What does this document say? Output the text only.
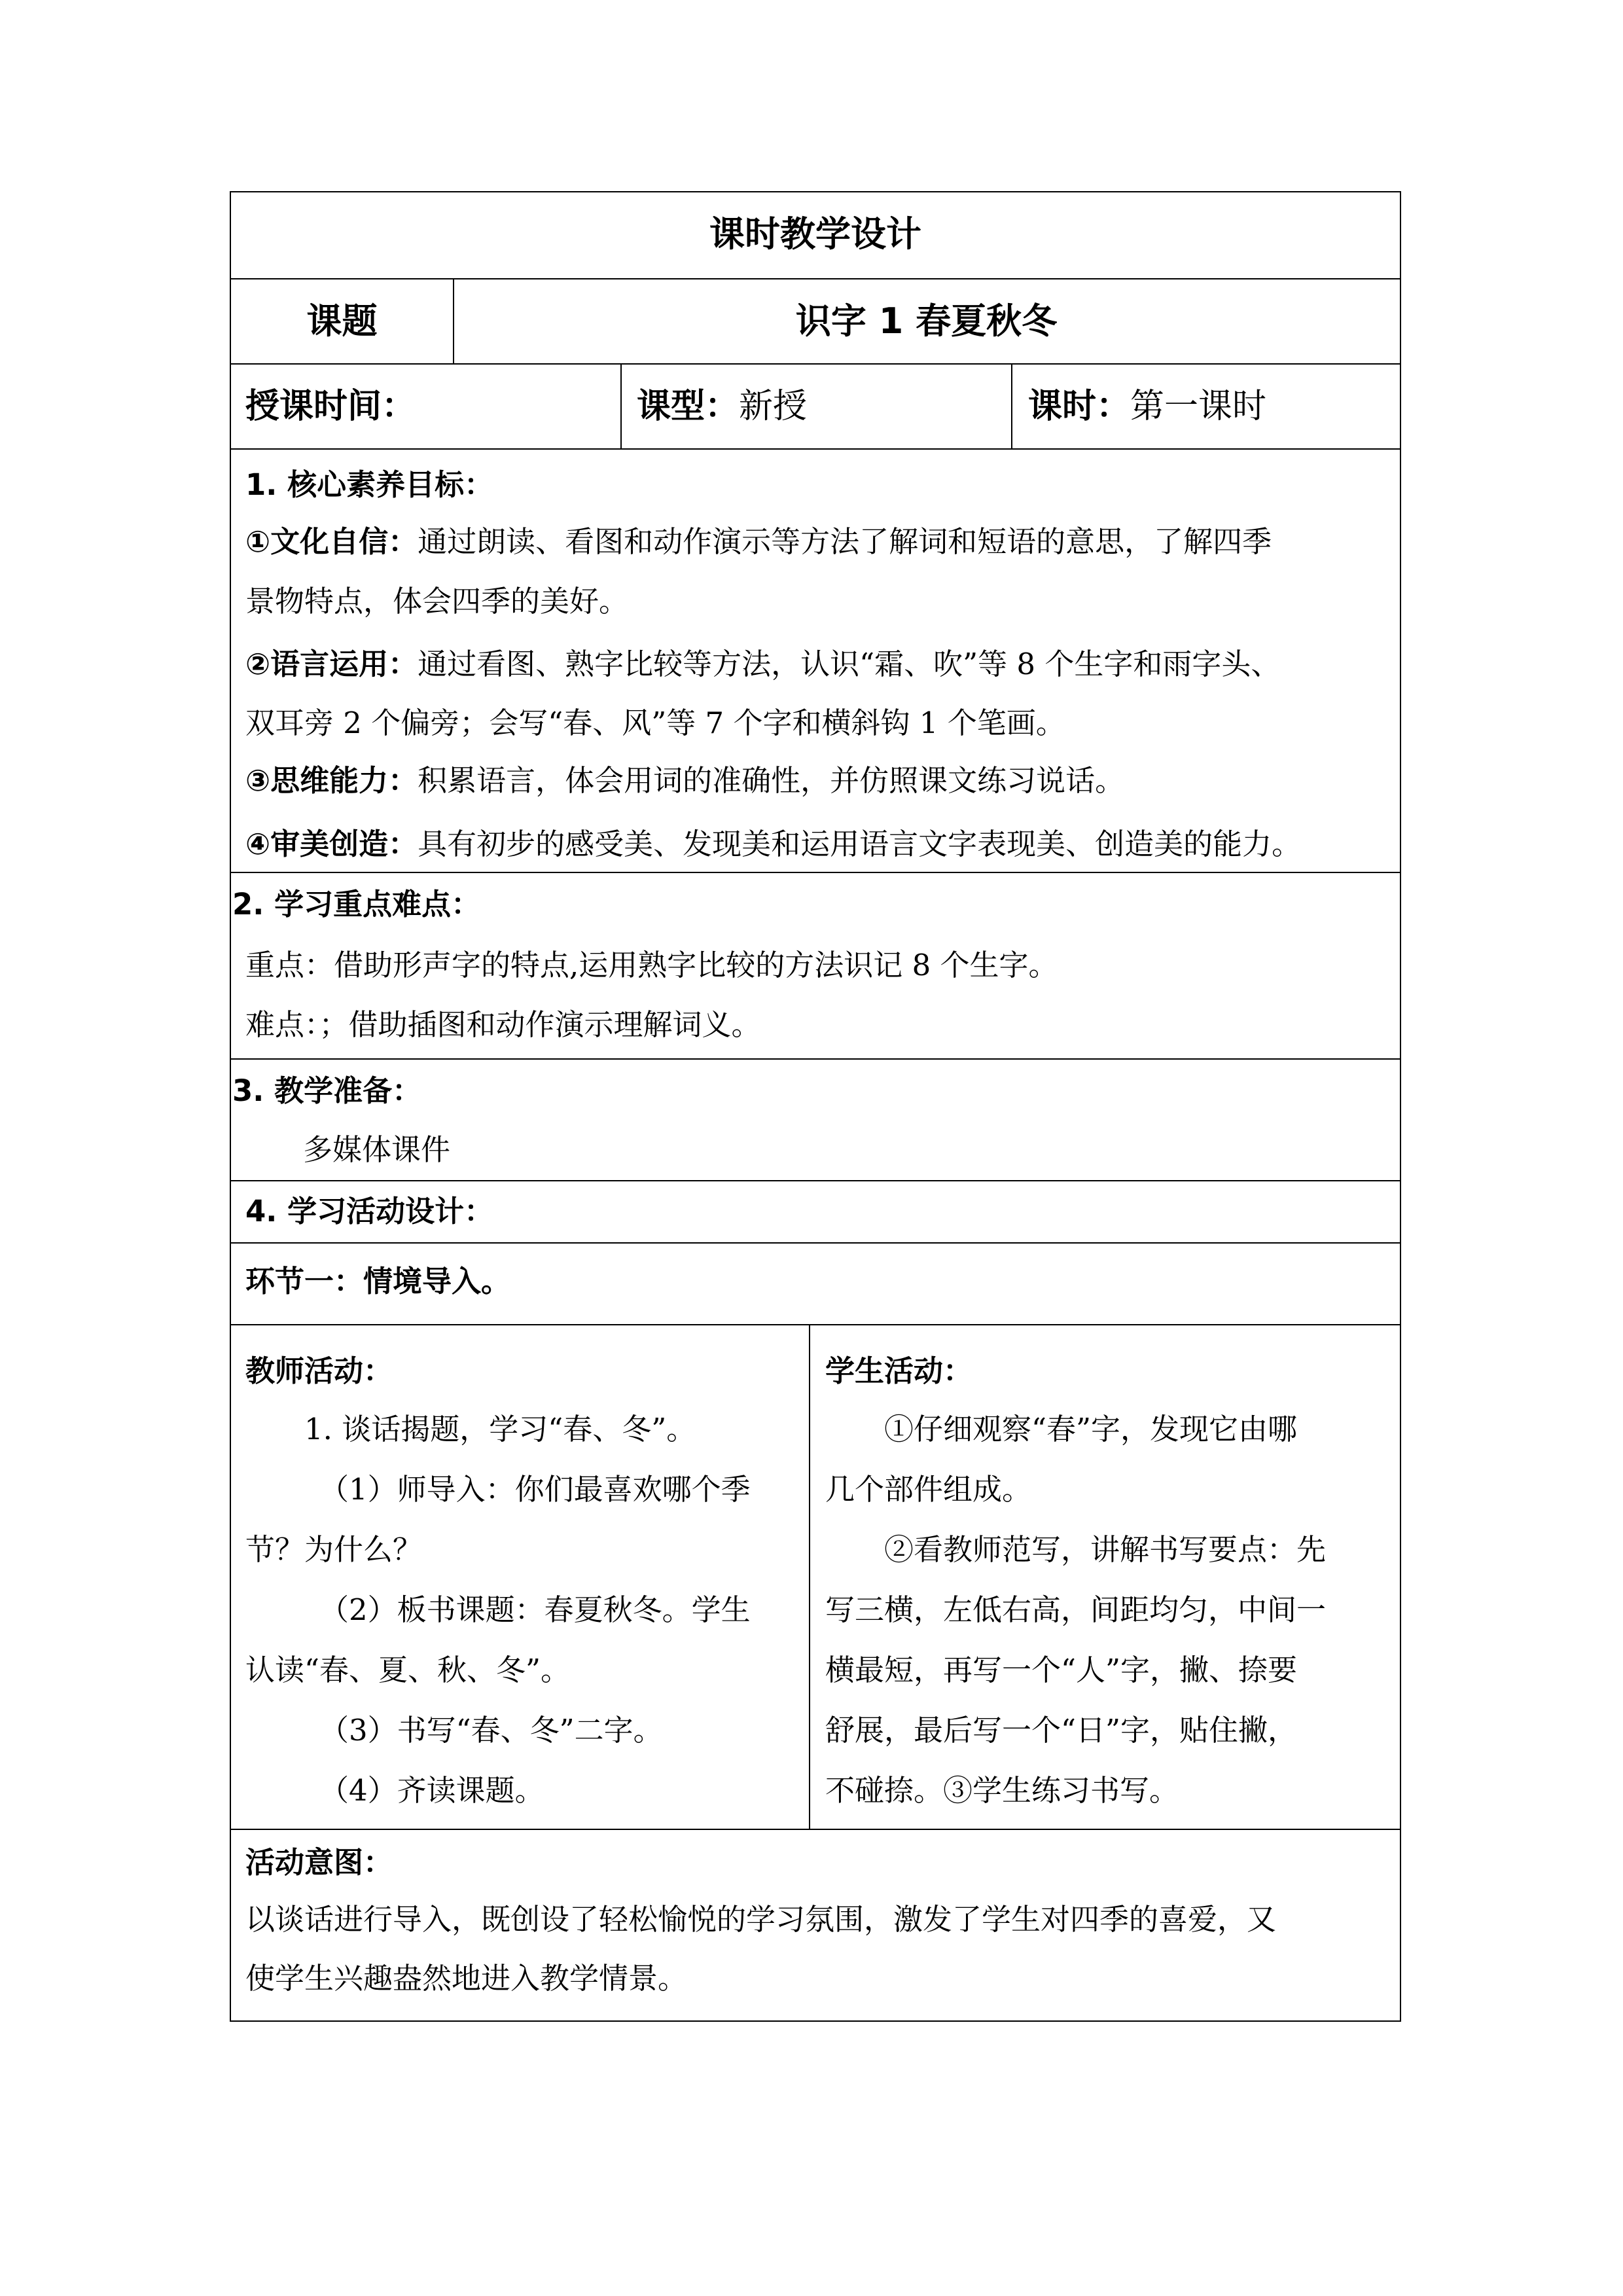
课时教学设计
课题	识字 1 春夏秋冬
授课时间：	课型：新授	课时：第一课时
1. 核心素养目标：
①文化自信：通过朗读、看图和动作演示等方法了解词和短语的意思，了解四季
景物特点，体会四季的美好。
②语言运用：通过看图、熟字比较等方法，认识“霜、吹”等 8 个生字和雨字头、
双耳旁 2 个偏旁；会写“春、风”等 7 个字和横斜钩 1 个笔画。
③思维能力：积累语言，体会用词的准确性，并仿照课文练习说话。
④审美创造：具有初步的感受美、发现美和运用语言文字表现美、创造美的能力。
2. 学习重点难点：
重点：借助形声字的特点,运用熟字比较的方法识记 8 个生字。
难点：；借助插图和动作演示理解词义。
3. 教学准备：
多媒体课件
4. 学习活动设计：
环节一：情境导入。
教师活动：
1. 谈话揭题，学习“春、冬”。
（1）师导入：你们最喜欢哪个季
节？为什么？
（2）板书课题：春夏秋冬。学生
认读“春、夏、秋、冬”。
（3）书写“春、冬”二字。
（4）齐读课题。
学生活动：
①仔细观察“春”字，发现它由哪
几个部件组成。
②看教师范写，讲解书写要点：先
写三横，左低右高，间距均匀，中间一
横最短，再写一个“人”字，撇、捺要
舒展，最后写一个“日”字，贴住撇，
不碰捺。③学生练习书写。
活动意图：
以谈话进行导入，既创设了轻松愉悦的学习氛围，激发了学生对四季的喜爱，又
使学生兴趣盎然地进入教学情景。
